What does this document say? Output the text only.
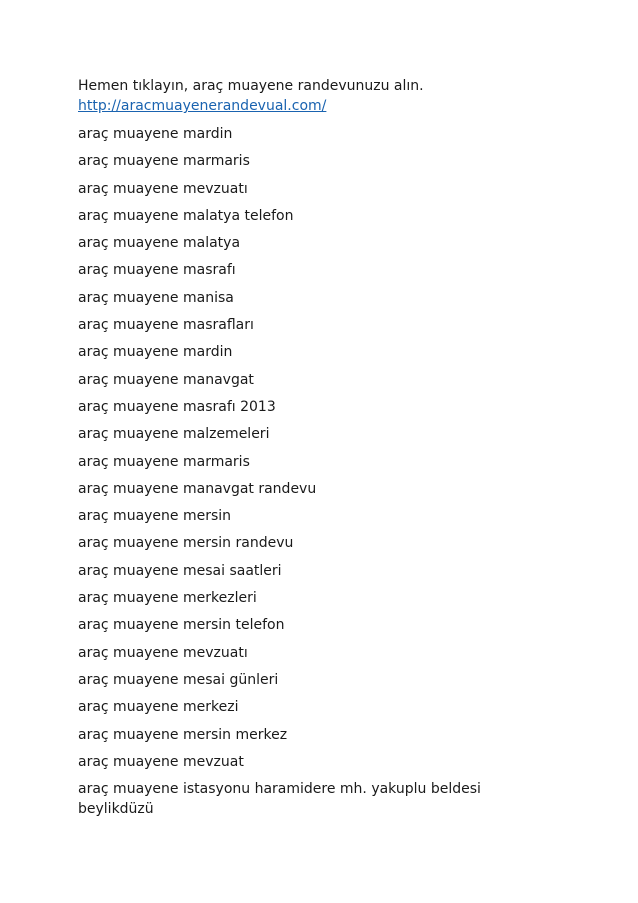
Hemen tıklayın, araç muayene randevunuzu alın.

http://aracmuayenerandevual.com/
araç muayene mardin
araç muayene marmaris
araç muayene mevzuatı
araç muayene malatya telefon
araç muayene malatya
araç muayene masrafı
araç muayene manisa
araç muayene masrafları
araç muayene mardin
araç muayene manavgat
araç muayene masrafı 2013
araç muayene malzemeleri
araç muayene marmaris
araç muayene manavgat randevu
araç muayene mersin
araç muayene mersin randevu
araç muayene mesai saatleri
araç muayene merkezleri
araç muayene mersin telefon
araç muayene mevzuatı
araç muayene mesai günleri
araç muayene merkezi
araç muayene mersin merkez
araç muayene mevzuat
araç muayene istasyonu haramidere mh. yakuplu beldesi beylikdüzü
